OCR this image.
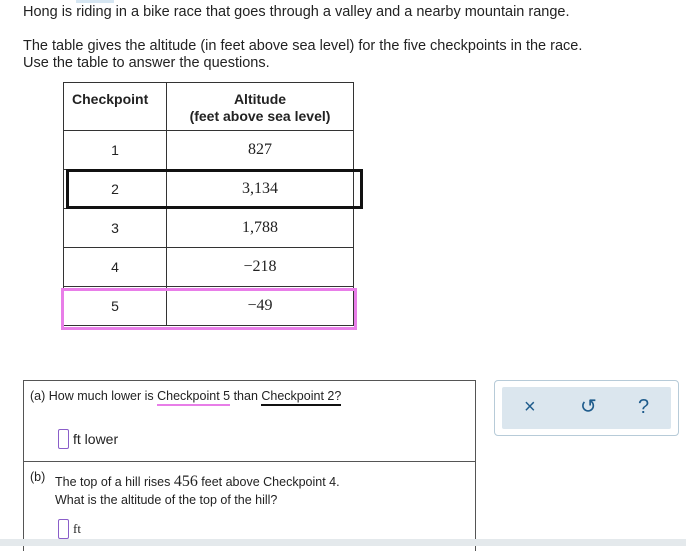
Hong is riding in a bike race that goes through a valley and a nearby mountain range.

The table gives the altitude (in feet above sea level) for the five checkpoints in the race.
Use the table to answer the questions.

Checkpoint	Altitude
(feet above sea level)
1	827
2	3,134
3	1,788
4	−218
5	−49
(a) How much lower is Checkpoint 5 than Checkpoint 2?
ft lower
(b) The top of a hill rises 456 feet above Checkpoint 4.
What is the altitude of the top of the hill?
ft
× ↺ ?
